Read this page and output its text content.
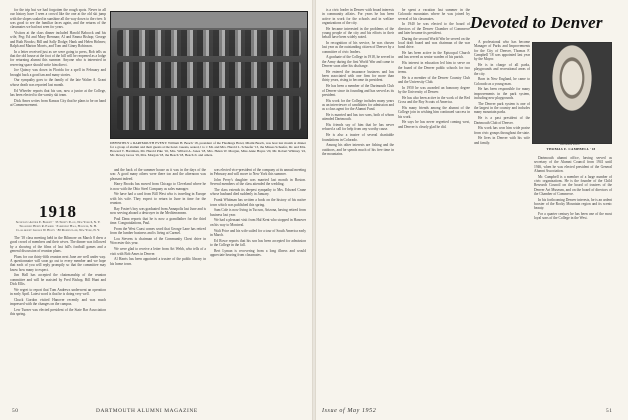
for the trip but we had forgotten the rough spots. Never in all our history have I seen a crowd like the one at the old ski jump with the slopes soaked in sunshine all the way down to the river. It was good to see the familiar faces again, and the returns of the classmates we had not seen for years.

Visitors at the class dinner included Harold Babcock and his wife, Peg; Ed and Mary Brennan; Al and Emma Bishop; George and Ruth Brooks; Bill and Sally Dodge; Hank and Helen Holmes; Ralph and Marion Morris, and Tom and Ginny Robinson.

In a letter received just as we were going to press, Bob tells us that the old house at the foot of the hill will be reopened as a lodge for returning alumni this summer. Anyone who is interested in reserving space should write him direct.

Joe Quincy was down in Florida for a spell in February and brought back a good tan and many stories.

Our sympathy goes to the family of the late Walter A. Grant whose death was reported last month.

Ed Wheeler reports that his son, now a junior at the College, has been elected to the varsity ski team.

Dick Ames writes from Kansas City that he plans to be on hand at Commencement.

DEFINITELY a DARTMOUTH EVENT: William H. Beach '18, president of the Flushings Hotel, Miami Beach, was host last month at dinner for a group of alumni and their guests at the hotel. Guests, seated, l to r: Mr. and Mrs. Harold L. Schaefer '13, the Misses Schaefer, Dr. and Mrs. Howard T. Harriman, Mr. Harold Pike '16, Mrs. Willard A. Jones '18, Mrs. Helen W. Morgan, Miss Anne Hayes '20, Mr. Robert Whitney '22, Mr. Dewey Gross '19, Mrs. Morgan '18, the Beach '18, Beach Jr. and others.
1918
Secretary: Arthur E. Barrett · 33 Trinity Place, New York 6, N. Y.
Treasurer: Henry R. Parker · Parkhurst Hall, Hanover, N. H.
Class Agent: George W. Hovey · 80 Maiden Lane, New York, N. Y.

The '18 class meeting held in the Biltmore on March 8 drew a good crowd of members and their wives. The dinner was followed by a showing of the films of last fall's football games and a general discussion of reunion plans.

Plans for our thirty-fifth reunion next June are well under way. A questionnaire will soon go out to every member and we hope that each of you will reply promptly so that the committee may know how many to expect.

Jim Hall has accepted the chairmanship of the reunion committee and will be assisted by Fred Bishop, Bill Hunt and Dick Ellis.

We regret to report that Tom Andrews underwent an operation in early April. Latest word is that he is doing very well.

Chuck Gordon visited Hanover recently and was much impressed with the changes on the campus.

Lew Turner was elected president of the State Bar Association this spring.

and the back of the summer house as it was in the days of the war. A good many others were there too and the afternoon was pleasant indeed.

Harry Brooks has moved from Chicago to Cleveland where he is now with the Ohio Steel Company as sales manager.

We have had a card from Bill West who is traveling in Europe with his wife. They expect to return in June in time for the reunion.

Ray Foster's boy was graduated from Annapolis last June and is now serving aboard a destroyer in the Mediterranean.

Paul Dana reports that he is now a grandfather for the third time. Congratulations, Paul.

From the West Coast comes word that George Lane has retired from the lumber business and is living at Carmel.

Lou Stevens is chairman of the Community Chest drive in Worcester this year.

We were glad to receive a letter from Art Webb, who tells of a visit with Bob Ames in Denver.

Al Harris has been appointed a trustee of the public library in his home town.

was elected vice-president of the company at its annual meeting in February and will move to New York this summer.

John Perry's daughter was married last month in Boston. Several members of the class attended the wedding.

The class extends its deepest sympathy to Mrs. Edward Crane whose husband died suddenly in January.

Frank Whitman has written a book on the history of his native town which was published this spring.

Sam Cole is now living in Tucson, Arizona, having retired from business last year.

We had a pleasant visit from Hal Kent who stopped in Hanover on his way to Montreal.

Walt Price and his wife sailed for a tour of South America early in March.

Ed Rowe reports that his son has been accepted for admission to the College in the fall.

Bert Lyman is recovering from a long illness and would appreciate hearing from classmates.

50	DARTMOUTH ALUMNI MAGAZINE

is a civic leader in Denver with broad interests in community affairs. For years he has been active in work for the schools and in welfare organizations of the city.

He became interested in the problems of the young people of the city and his efforts in their behalf have been widely noted.

In recognition of his service, he was chosen last year as the outstanding citizen of Denver by a committee of civic leaders.

A graduate of the College in 1918, he served in the Army during the first World War and came to Denver soon after his discharge.

He entered the insurance business and has been associated with one firm for more than thirty years, rising to become its president.

He has been a member of the Dartmouth Club of Denver since its founding and has served as its president.

His work for the College includes many years as an interviewer of candidates for admission and as a class agent for the Alumni Fund.

He is married and has two sons, both of whom attended Dartmouth.

His friends say of him that he has never refused a call for help from any worthy cause.

He is also a trustee of several charitable foundations in Colorado.

Among his other interests are fishing and the outdoors, and he spends much of his free time in the mountains.

he spent a vacation last summer in the Colorado mountains where he was joined by several of his classmates.

In 1940 he was elected to the board of directors of the Denver Chamber of Commerce and later became its president.

During the second World War he served on the local draft board and was chairman of the war bond drive.

He has been active in the Episcopal Church and has served as senior warden of his parish.

His interest in education led him to serve on the board of the Denver public schools for two terms.

He is a member of the Denver Country Club and the University Club.

In 1950 he was awarded an honorary degree by the University of Denver.

He has also been active in the work of the Red Cross and the Boy Scouts of America.

His many friends among the alumni of the College join in wishing him continued success in his work.

He says he has never regretted coming west, and Denver is clearly glad he did.

Devoted to Denver

A professional who has become Manager of Parks and Improvements for the City of Denver, Thomas F. Campbell '18 was appointed last year by the Mayor.

He is in charge of all parks, playgrounds and recreational areas of the city.

Born in New England, he came to Colorado as a young man.

He has been responsible for many improvements in the park system, including new playgrounds.

The Denver park system is one of the largest in the country and includes many mountain parks.

He is a past president of the Dartmouth Club of Denver.

His work has won him wide praise from civic groups throughout the state.

He lives in Denver with his wife and family.	Dartmouth Photo
THOMAS F. CAMPBELL '18

Dartmouth alumni office, having served as secretary of the Alumni Council from 1941 until 1946, when he was elected president of the General Alumni Association.

Mr. Campbell is a member of a large number of civic organizations. He is the founder of the Child Research Council on the board of trustees of the Denver Art Museum, and on the board of directors of the Chamber of Commerce.

In his forthcoming Denver interests, he is an ardent booster of the Rocky Mountain region and its scenic beauty.

For a quarter century he has been one of the most loyal sons of the College in the West.

Issue of May 1952	51
